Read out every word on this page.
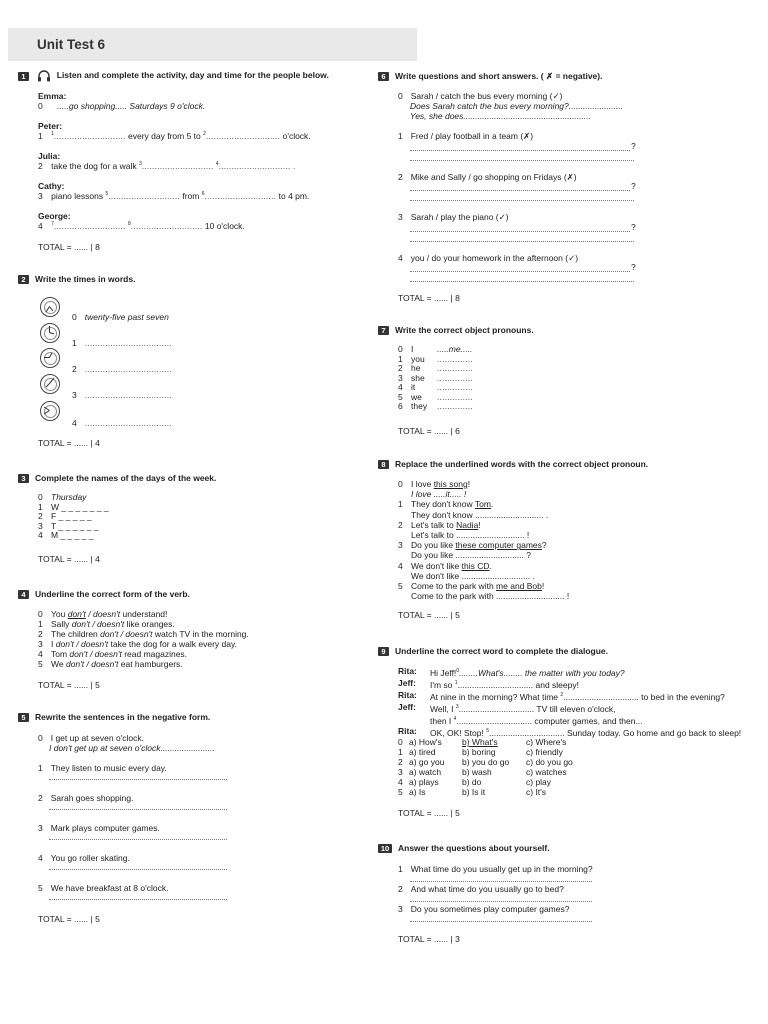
Unit Test 6
1	Listen and complete the activity, day and time for the people below.
Emma:
0 .....go shopping..... Saturdays 9 o'clock.
Peter:
1 $^1$............................ every day from 5 to $^2$............................. o'clock.
Julia:
2 take the dog for a walk $^3$............................ $^4$............................ .
Cathy:
3 piano lessons $^5$............................ from $^6$............................ to 4 pm.
George:
4 $^7$............................ $^8$............................ 10 o'clock.
TOTAL = ...... | 8
2 Write the times in words.
0 twenty-five past seven
1 ..................................
2 ..................................
3 ..................................
4 ..................................
TOTAL = ...... | 4
3 Complete the names of the days of the week.
0 Thursday
1 W _ _ _ _ _ _ _
2 F _ _ _ _ _
3 T _ _ _ _ _ _
4 M _ _ _ _ _
TOTAL = ...... | 4
4 Underline the correct form of the verb.
0 You don't / doesn't understand!
1 Sally don't / doesn't like oranges.
2 The children don't / doesn't watch TV in the morning.
3 I don't / doesn't take the dog for a walk every day.
4 Tom don't / doesn't read magazines.
5 We don't / doesn't eat hamburgers.
TOTAL = ...... | 5
5 Rewrite the sentences in the negative form.
0 I get up at seven o'clock.
I don't get up at seven o'clock.......................
1 They listen to music every day.
2 Sarah goes shopping.
3 Mark plays computer games.
4 You go roller skating.
5 We have breakfast at 8 o'clock.
TOTAL = ...... | 5
6 Write questions and short answers. ( ✗ = negative).
0 Sarah / catch the bus every morning (✓)
Does Sarah catch the bus every morning?.......................
Yes, she does......................................................
1 Fred / play football in a team (✗)
?
2 Mike and Sally / go shopping on Fridays (✗)
?
3 Sarah / play the piano (✓)
?
4 you / do your homework in the afternoon (✓)
?
TOTAL = ...... | 8
7 Write the correct object pronouns.
0 I	.....me.....
1 you	..............
2 he	..............
3 she	..............
4 it	..............
5 we	..............
6 they	..............
TOTAL = ...... | 6
8 Replace the underlined words with the correct object pronoun.
0 I love this song!
I love .....it..... !
1 They don't know Tom.
They don't know ............................. .
2 Let's talk to Nadia!
Let's talk to ............................. !
3 Do you like these computer games?
Do you like ............................. ?
4 We don't like this CD.
We don't like ............................. .
5 Come to the park with me and Bob!
Come to the park with ............................. !
TOTAL = ...... | 5
9 Underline the correct word to complete the dialogue.
Rita:	Hi Jeff!$^0$........What's........ the matter with you today?
Jeff:	I'm so $^1$................................ and sleepy!
Rita:	At nine in the morning? What time $^2$................................ to bed in the evening?
Jeff:	Well, I $^3$................................ TV till eleven o'clock,
then I $^4$................................ computer games, and then...
Rita:	OK, OK! Stop! $^5$................................ Sunday today. Go home and go back to sleep!
0 a) How's	b) What's	c) Where's
1 a) tired	b) boring	c) friendly
2 a) go you	b) you do go	c) do you go
3 a) watch	b) wash	c) watches
4 a) plays	b) do	c) play
5 a) Is	b) Is it	c) It's
TOTAL = ...... | 5
10 Answer the questions about yourself.
1 What time do you usually get up in the morning?
2 And what time do you usually go to bed?
3 Do you sometimes play computer games?
TOTAL = ...... | 3
